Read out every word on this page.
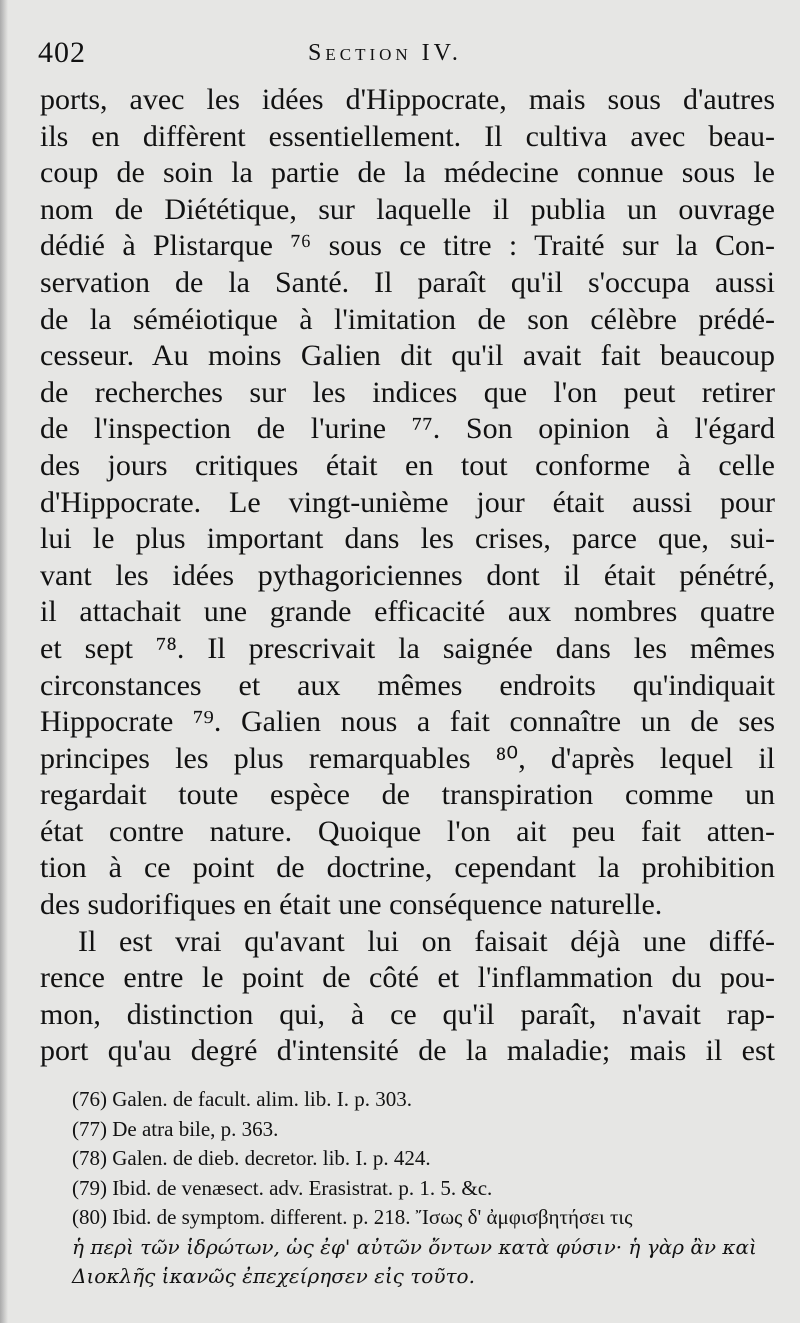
402	Section IV.
ports, avec les idées d'Hippocrate, mais sous d'autres
ils en diffèrent essentiellement. Il cultiva avec beau-
coup de soin la partie de la médecine connue sous le
nom de Diététique, sur laquelle il publia un ouvrage
dédié à Plistarque ⁷⁶ sous ce titre : Traité sur la Con-
servation de la Santé. Il paraît qu'il s'occupa aussi
de la séméiotique à l'imitation de son célèbre prédé-
cesseur. Au moins Galien dit qu'il avait fait beaucoup
de recherches sur les indices que l'on peut retirer
de l'inspection de l'urine ⁷⁷. Son opinion à l'égard
des jours critiques était en tout conforme à celle
d'Hippocrate. Le vingt-unième jour était aussi pour
lui le plus important dans les crises, parce que, sui-
vant les idées pythagoriciennes dont il était pénétré,
il attachait une grande efficacité aux nombres quatre
et sept ⁷⁸. Il prescrivait la saignée dans les mêmes
circonstances et aux mêmes endroits qu'indiquait
Hippocrate ⁷⁹. Galien nous a fait connaître un de ses
principes les plus remarquables ⁸⁰, d'après lequel il
regardait toute espèce de transpiration comme un
état contre nature. Quoique l'on ait peu fait atten-
tion à ce point de doctrine, cependant la prohibition
des sudorifiques en était une conséquence naturelle.
Il est vrai qu'avant lui on faisait déjà une diffé-
rence entre le point de côté et l'inflammation du pou-
mon, distinction qui, à ce qu'il paraît, n'avait rap-
port qu'au degré d'intensité de la maladie; mais il est
(76) Galen. de facult. alim. lib. I. p. 303.
(77) De atra bile, p. 363.
(78) Galen. de dieb. decretor. lib. I. p. 424.
(79) Ibid. de venæsect. adv. Erasistrat. p. 1. 5. &c.
(80) Ibid. de symptom. different. p. 218. Ἴσως δ' ἀμφισβητήσει τις
ἡ περὶ τῶν ἱδρώτων, ὡς ἐφ' αὐτῶν ὄντων κατὰ φύσιν· ἡ γὰρ ἂν καὶ
Διοκλῆς ἱκανῶς ἐπεχείρησεν εἰς τοῦτο.
